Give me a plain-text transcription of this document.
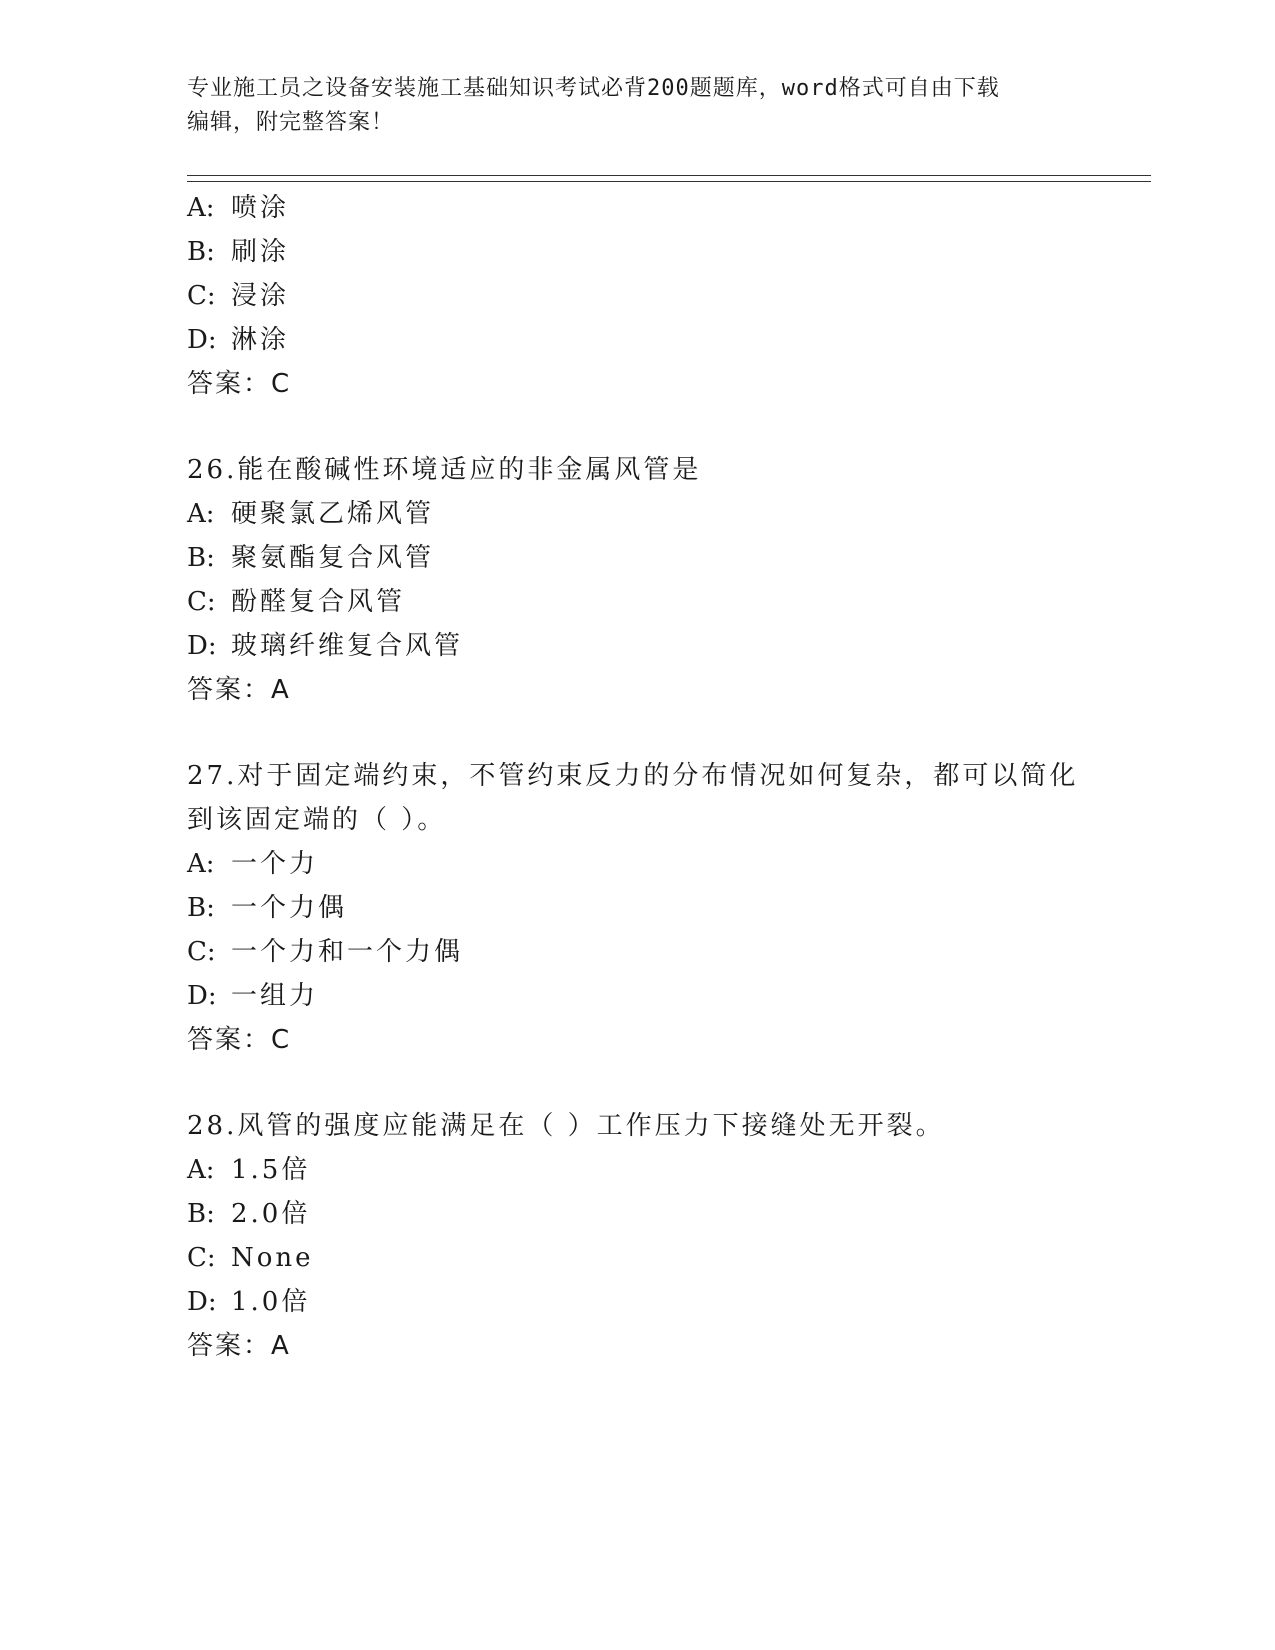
专业施工员之设备安装施工基础知识考试必背200题题库，word格式可自由下载
编辑，附完整答案！
A: 喷涂
B: 刷涂
C: 浸涂
D: 淋涂
答案：C
26.能在酸碱性环境适应的非金属风管是
A: 硬聚氯乙烯风管
B: 聚氨酯复合风管
C: 酚醛复合风管
D: 玻璃纤维复合风管
答案：A
27.对于固定端约束，不管约束反力的分布情况如何复杂，都可以简化
到该固定端的（ ）。
A: 一个力
B: 一个力偶
C: 一个力和一个力偶
D: 一组力
答案：C
28.风管的强度应能满足在（ ）工作压力下接缝处无开裂。
A: 1.5倍
B: 2.0倍
C: None
D: 1.0倍
答案：A
